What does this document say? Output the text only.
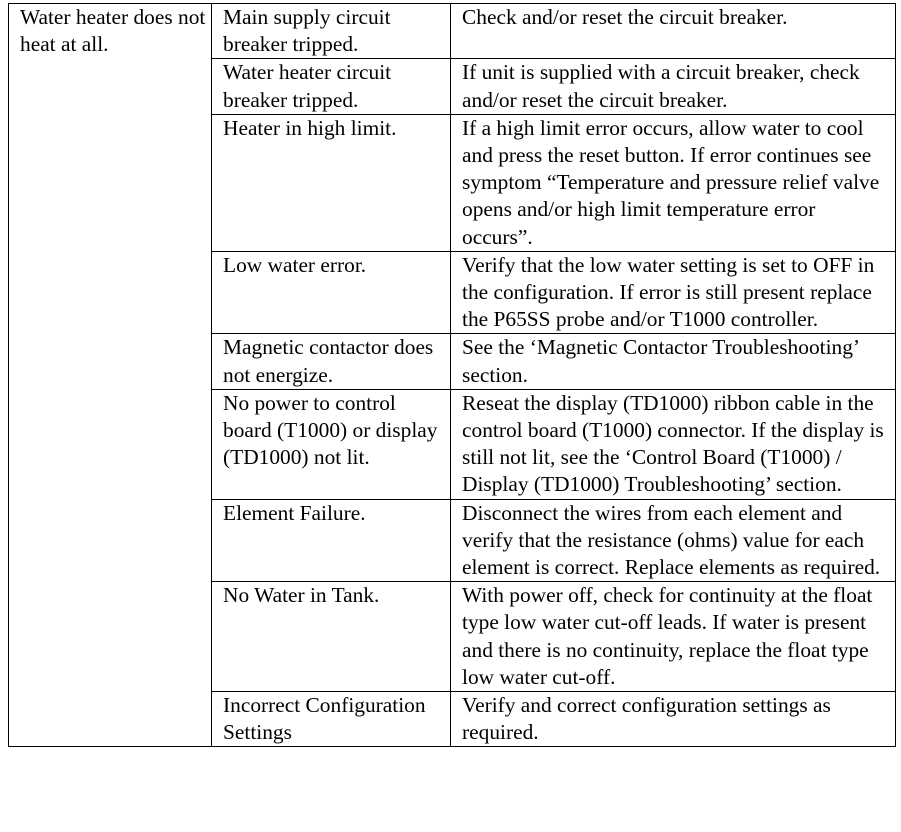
Water heater does not heat at all.	Main supply circuit breaker tripped.	Check and/or reset the circuit breaker.
	Water heater circuit breaker tripped.	If unit is supplied with a circuit breaker, check and/or reset the circuit breaker.
	Heater in high limit.	If a high limit error occurs, allow water to cool and press the reset button. If error continues see symptom “Temperature and pressure relief valve opens and/or high limit temperature error occurs”.
	Low water error.	Verify that the low water setting is set to OFF in the configuration. If error is still present replace the P65SS probe and/or T1000 controller.
	Magnetic contactor does not energize.	See the ‘Magnetic Contactor Troubleshooting’ section.
	No power to control board (T1000) or display (TD1000) not lit.	Reseat the display (TD1000) ribbon cable in the control board (T1000) connector. If the display is still not lit, see the ‘Control Board (T1000) / Display (TD1000) Troubleshooting’ section.
	Element Failure.	Disconnect the wires from each element and verify that the resistance (ohms) value for each element is correct. Replace elements as required.
	No Water in Tank.	With power off, check for continuity at the float type low water cut-off leads. If water is present and there is no continuity, replace the float type low water cut-off.
	Incorrect Configuration Settings	Verify and correct configuration settings as required.
